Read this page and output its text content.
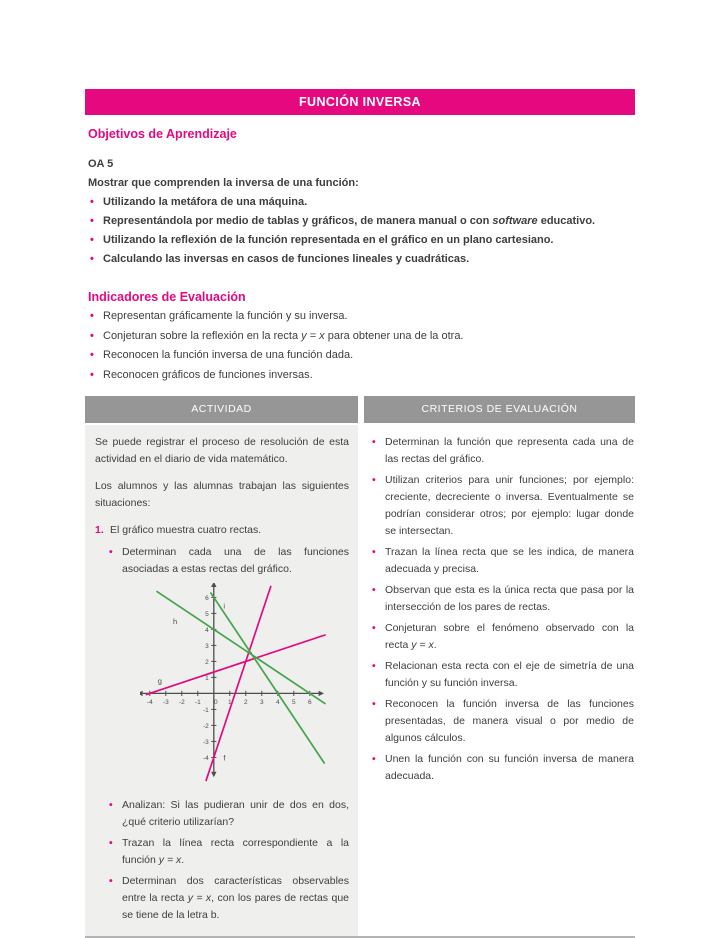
FUNCIÓN INVERSA
Objetivos de Aprendizaje

OA 5

Mostrar que comprenden la inversa de una función:

• Utilizando la metáfora de una máquina.
• Representándola por medio de tablas y gráficos, de manera manual o con software educativo.
• Utilizando la reflexión de la función representada en el gráfico en un plano cartesiano.
• Calculando las inversas en casos de funciones lineales y cuadráticas.
Indicadores de Evaluación
• Representan gráficamente la función y su inversa.
• Conjeturan sobre la reflexión en la recta y = x para obtener una de la otra.
• Reconocen la función inversa de una función dada.
• Reconocen gráficos de funciones inversas.
ACTIVIDAD	CRITERIOS DE EVALUACIÓN

Se puede registrar el proceso de resolución de esta actividad en el diario de vida matemático.

Los alumnos y las alumnas trabajan las siguientes situaciones:

1. El gráfico muestra cuatro rectas.
• Determinan cada una de las funciones asociadas a estas rectas del gráfico.
-4 -3 -2 -1	1 2 3 4 5 6
-4
-3
-2
-1
1
2
3
4
5
6
0
f
g
h
i
• Analizan: Si las pudieran unir de dos en dos, ¿qué criterio utilizarían?
• Trazan la línea recta correspondiente a la función y = x.
• Determinan dos características observables entre la recta y = x, con los pares de rectas que se tiene de la letra b.
• Determinan la función que representa cada una de las rectas del gráfico.
• Utilizan criterios para unir funciones; por ejemplo: creciente, decreciente o inversa. Eventualmente se podrían considerar otros; por ejemplo: lugar donde se intersectan.
• Trazan la línea recta que se les indica, de manera adecuada y precisa.
• Observan que esta es la única recta que pasa por la intersección de los pares de rectas.
• Conjeturan sobre el fenómeno observado con la recta y = x.
• Relacionan esta recta con el eje de simetría de una función y su función inversa.
• Reconocen la función inversa de las funciones presentadas, de manera visual o por medio de algunos cálculos.
• Unen la función con su función inversa de manera adecuada.
